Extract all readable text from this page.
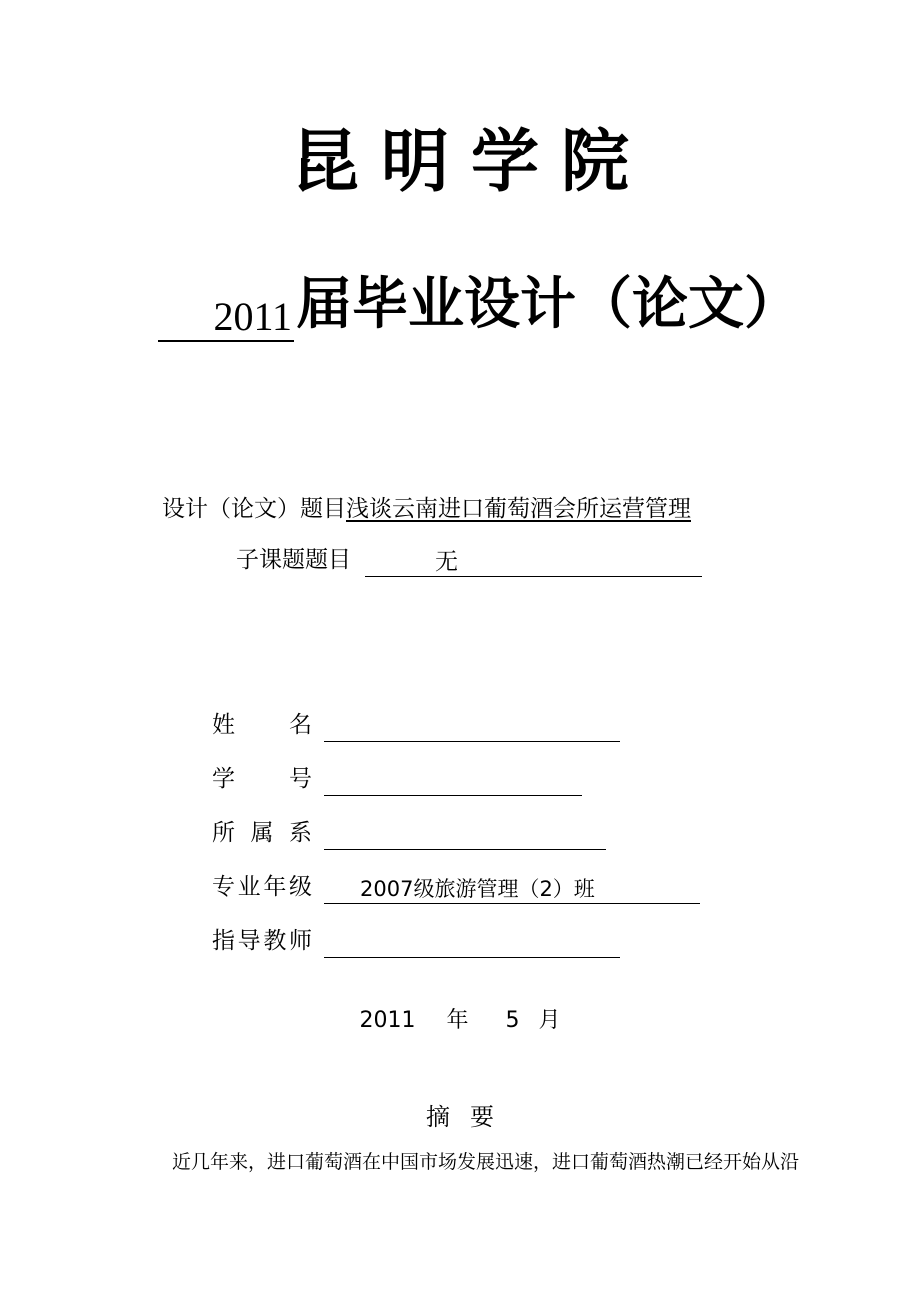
昆明学院
2011 届毕业设计（论文）
设计（论文）题目浅谈云南进口葡萄酒会所运营管理
子课题题目	无
姓名
学号
所属系
专业年级	2007级旅游管理（2）班
指导教师
2011 年 5 月
摘要
近几年来，进口葡萄酒在中国市场发展迅速，进口葡萄酒热潮已经开始从沿
